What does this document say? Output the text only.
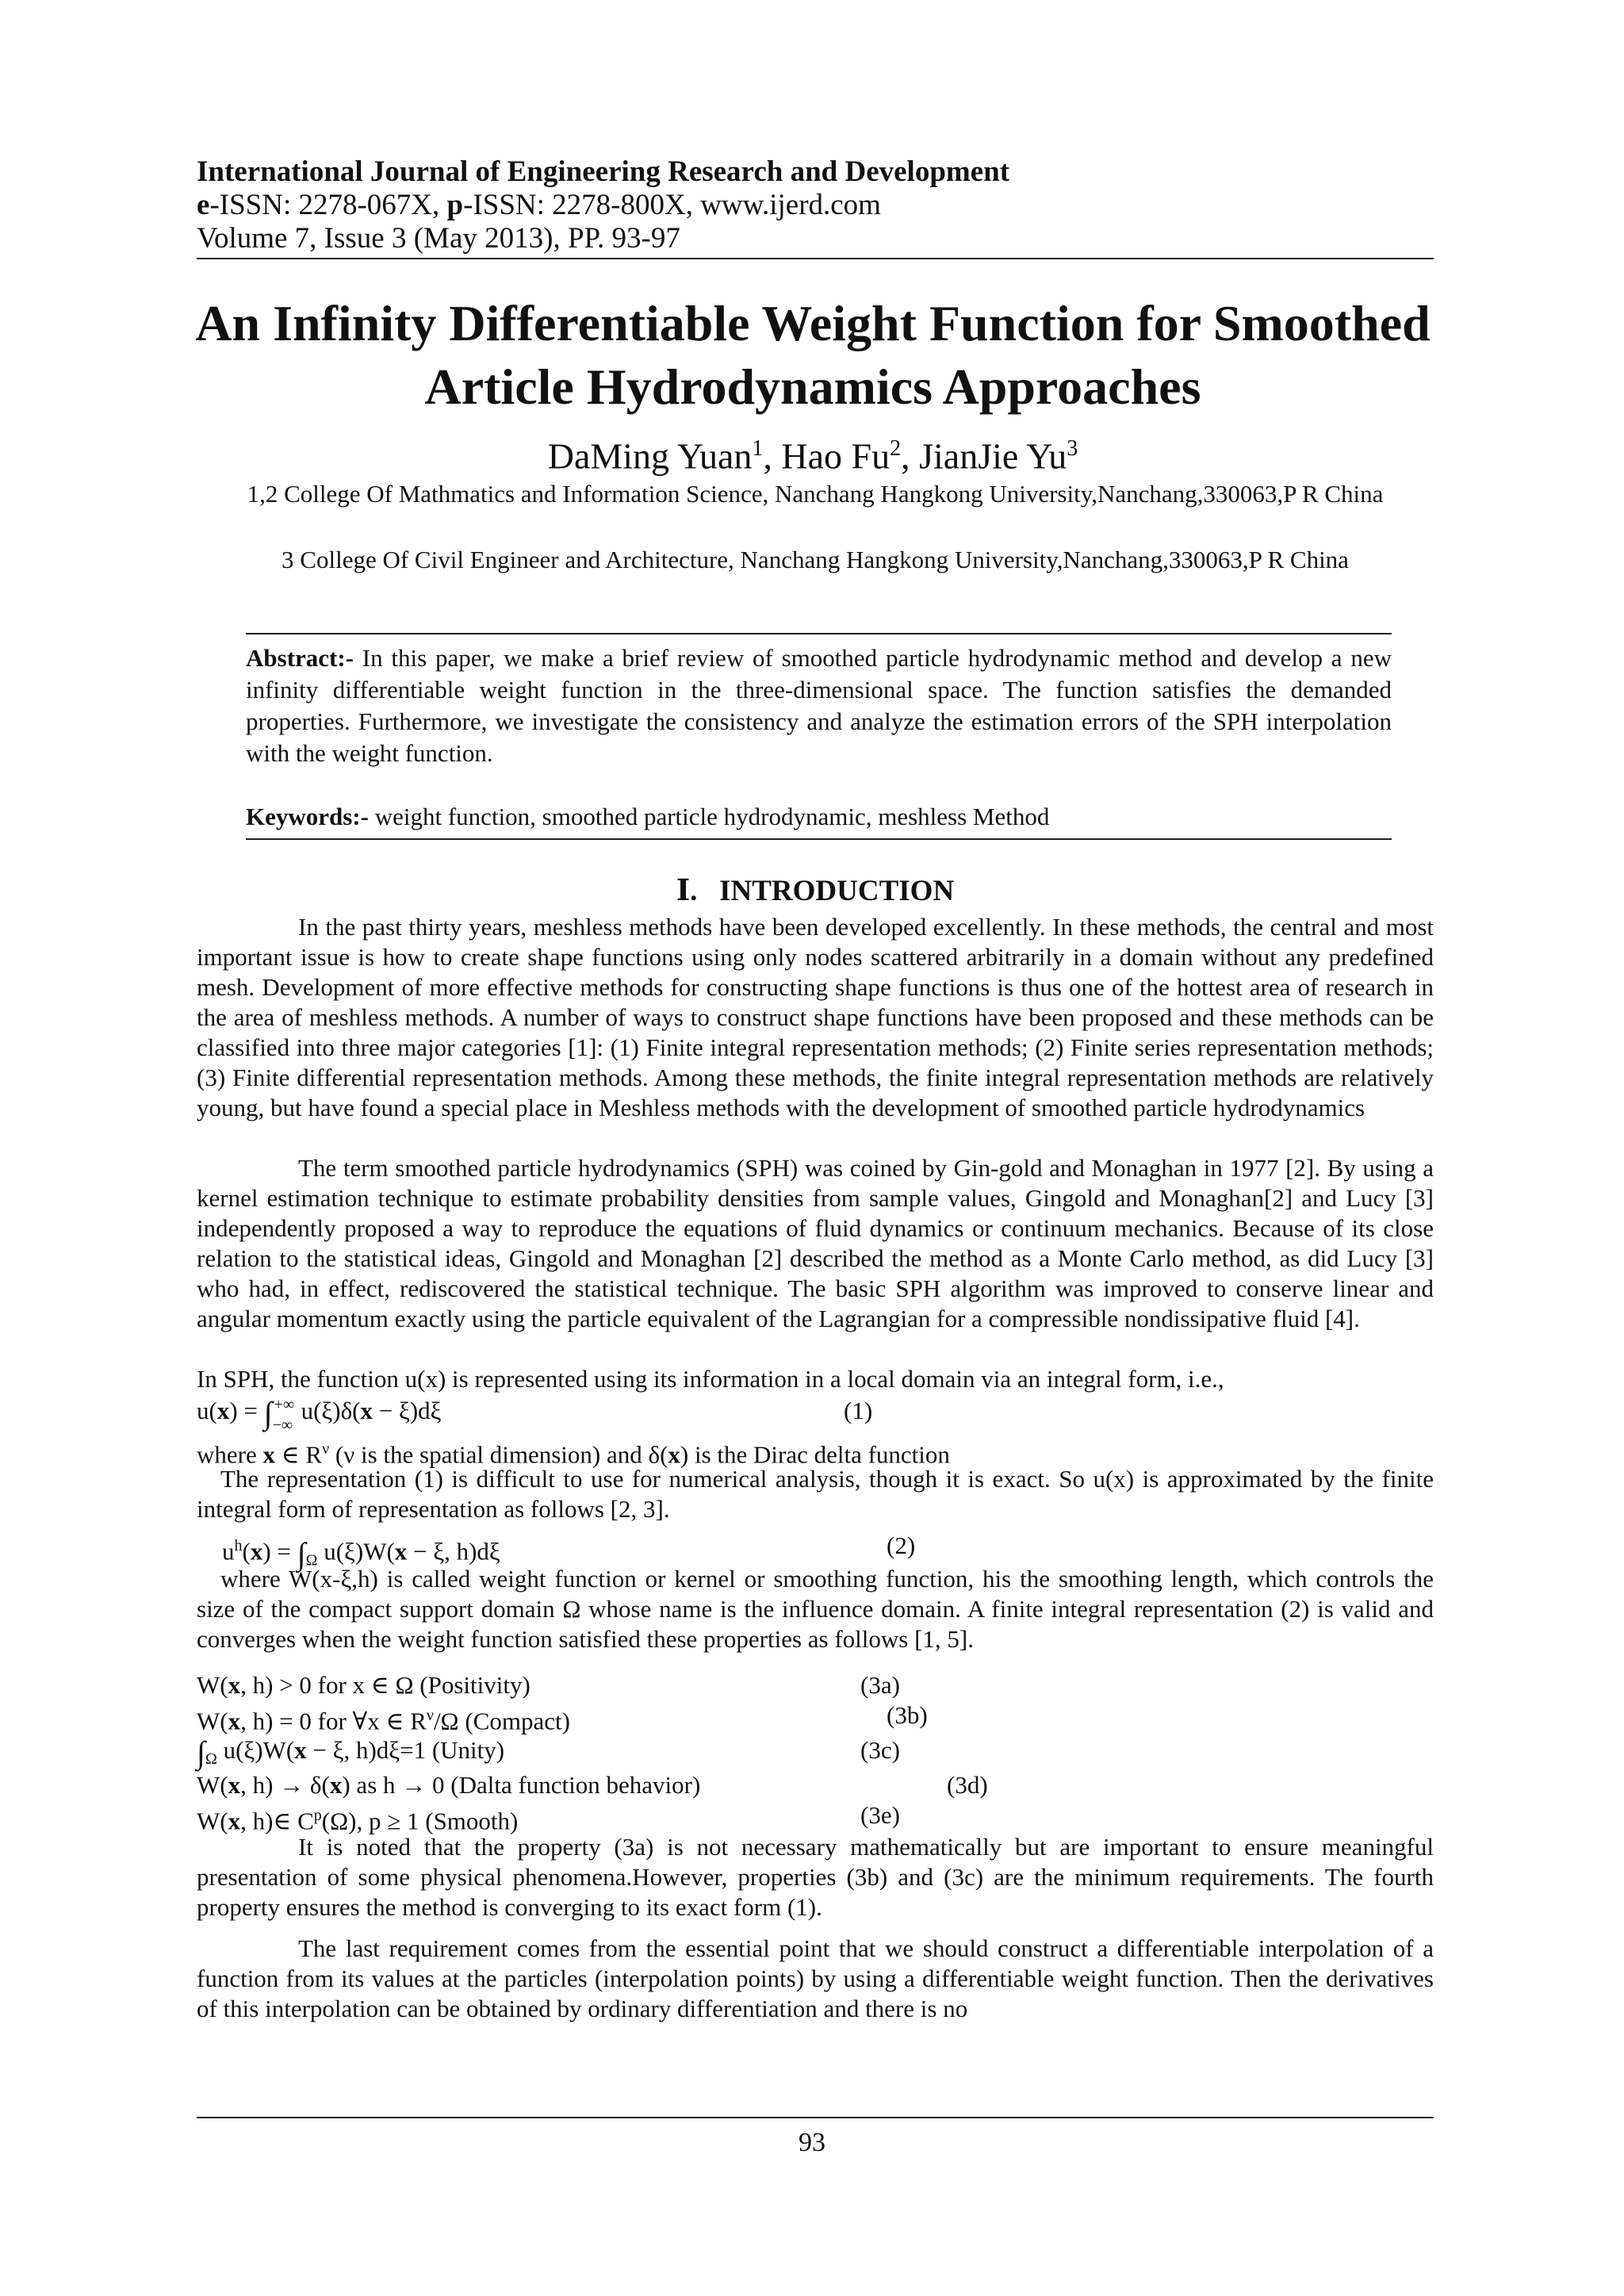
International Journal of Engineering Research and Development
e-ISSN: 2278-067X, p-ISSN: 2278-800X, www.ijerd.com
Volume 7, Issue 3 (May 2013), PP. 93-97
An Infinity Differentiable Weight Function for Smoothed
Article Hydrodynamics Approaches
DaMing Yuan$^1$, Hao Fu$^2$, JianJie Yu$^3$
1,2 College Of Mathmatics and Information Science, Nanchang Hangkong University,Nanchang,330063,P R China
3 College Of Civil Engineer and Architecture, Nanchang Hangkong University,Nanchang,330063,P R China
Abstract:- In this paper, we make a brief review of smoothed particle hydrodynamic method and develop a new infinity differentiable weight function in the three-dimensional space. The function satisfies the demanded properties. Furthermore, we investigate the consistency and analyze the estimation errors of the SPH interpolation with the weight function.
Keywords:- weight function, smoothed particle hydrodynamic, meshless Method
Ⅰ. INTRODUCTION
In the past thirty years, meshless methods have been developed excellently. In these methods, the central and most important issue is how to create shape functions using only nodes scattered arbitrarily in a domain without any predefined mesh. Development of more effective methods for constructing shape functions is thus one of the hottest area of research in the area of meshless methods. A number of ways to construct shape functions have been proposed and these methods can be classified into three major categories [1]: (1) Finite integral representation methods; (2) Finite series representation methods; (3) Finite differential representation methods. Among these methods, the finite integral representation methods are relatively young, but have found a special place in Meshless methods with the development of smoothed particle hydrodynamics
The term smoothed particle hydrodynamics (SPH) was coined by Gin-gold and Monaghan in 1977 [2]. By using a kernel estimation technique to estimate probability densities from sample values, Gingold and Monaghan[2] and Lucy [3] independently proposed a way to reproduce the equations of fluid dynamics or continuum mechanics. Because of its close relation to the statistical ideas, Gingold and Monaghan [2] described the method as a Monte Carlo method, as did Lucy [3] who had, in effect, rediscovered the statistical technique. The basic SPH algorithm was improved to conserve linear and angular momentum exactly using the particle equivalent of the Lagrangian for a compressible nondissipative fluid [4].
In SPH, the function u(x) is represented using its information in a local domain via an integral form, i.e.,
u(x) = ∫ +∞
−∞
u(ξ)δ(x − ξ)dξ	(1)
where x ∈ $R^\nu$ (ν is the spatial dimension) and δ(x) is the Dirac delta function
The representation (1) is difficult to use for numerical analysis, though it is exact. So u(x) is approximated by the finite integral form of representation as follows [2, 3].
$u^h(x) = \int_\Omega$ u(ξ)W(x − ξ, h)dξ	(2)
where W(x-ξ,h) is called weight function or kernel or smoothing function, his the smoothing length, which controls the size of the compact support domain Ω whose name is the influence domain. A finite integral representation (2) is valid and converges when the weight function satisfied these properties as follows [1, 5].
W(x, h) > 0 for x ∈ Ω (Positivity)	(3a)
W(x, h) = 0 for ∀x ∈ $R^\nu/\Omega$ (Compact)	(3b)
$\int_\Omega$ u(ξ)W(x − ξ, h)dξ=1 (Unity)	(3c)
W(x, h) → δ(x) as h → 0 (Dalta function behavior)	(3d)
W(x, h)∈ $C^p(\Omega)$, p ≥ 1 (Smooth)	(3e)
It is noted that the property (3a) is not necessary mathematically but are important to ensure meaningful presentation of some physical phenomena.However, properties (3b) and (3c) are the minimum requirements. The fourth property ensures the method is converging to its exact form (1).
The last requirement comes from the essential point that we should construct a differentiable interpolation of a function from its values at the particles (interpolation points) by using a differentiable weight function. Then the derivatives of this interpolation can be obtained by ordinary differentiation and there is no
93
